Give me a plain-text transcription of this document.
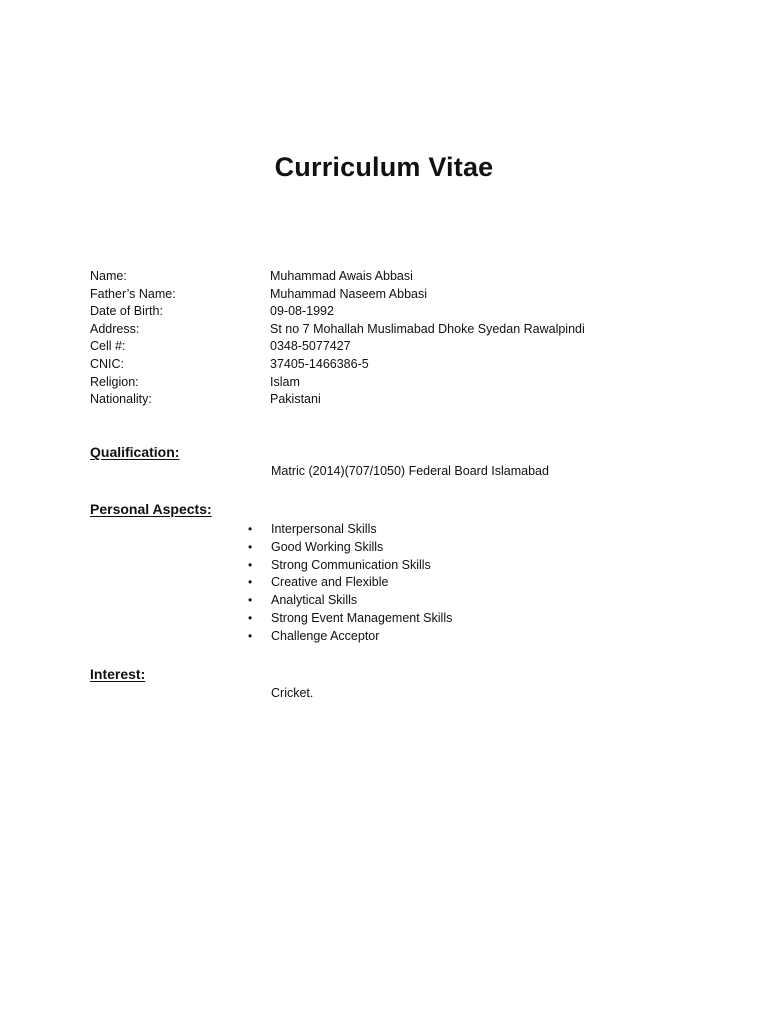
Curriculum Vitae
Name:	Muhammad Awais Abbasi
Father’s Name:	Muhammad Naseem Abbasi
Date of Birth:	09-08-1992
Address:	St no 7 Mohallah Muslimabad Dhoke Syedan Rawalpindi
Cell #:	0348-5077427
CNIC:	37405-1466386-5
Religion:	Islam
Nationality:	Pakistani
Qualification:
Matric (2014)(707/1050) Federal Board Islamabad
Personal Aspects:
•	Interpersonal Skills
•	Good Working Skills
•	Strong Communication Skills
•	Creative and Flexible
•	Analytical Skills
•	Strong Event Management Skills
•	Challenge Acceptor
Interest:
Cricket.
